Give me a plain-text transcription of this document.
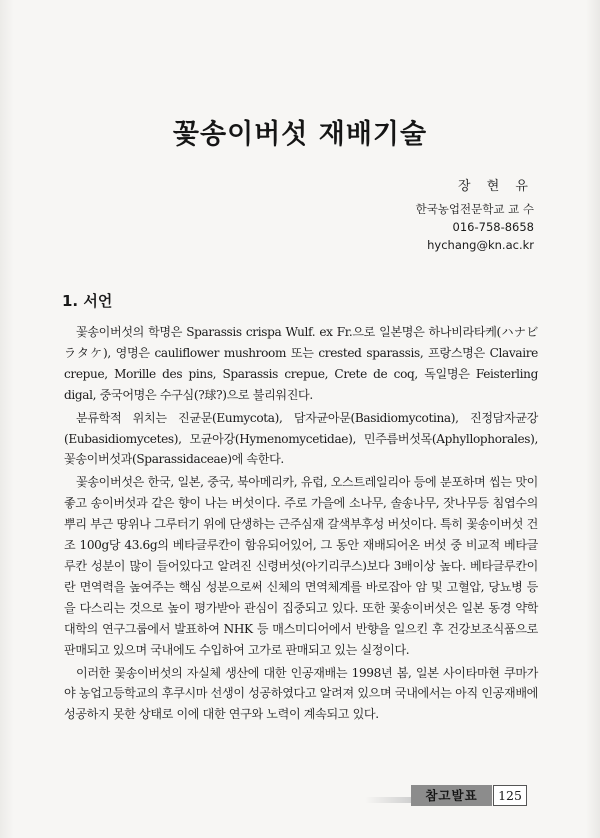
꽃송이버섯 재배기술
장 현 유
한국농업전문학교 교 수
016-758-8658
hychang@kn.ac.kr
1. 서언

꽃송이버섯의 학명은 Sparassis crispa Wulf. ex Fr.으로 일본명은 하나비라타케(ハナビラタケ), 영명은 cauliflower mushroom 또는 crested sparassis, 프랑스명은 Clavaire crepue, Morille des pins, Sparassis crepue, Crete de coq, 독일명은 Feisterling digal, 중국어명은 수구심(?球?)으로 불리워진다.

분류학적 위치는 진균문(Eumycota), 담자균아문(Basidiomycotina), 진정담자균강(Eubasidiomycetes), 모균아강(Hymenomycetidae), 민주름버섯목(Aphyllophorales), 꽃송이버섯과(Sparassidaceae)에 속한다.

꽃송이버섯은 한국, 일본, 중국, 북아메리카, 유럽, 오스트레일리아 등에 분포하며 씹는 맛이 좋고 송이버섯과 같은 향이 나는 버섯이다. 주로 가을에 소나무, 솔송나무, 잣나무등 침엽수의 뿌리 부근 땅위나 그루터기 위에 단생하는 근주심재 갈색부후성 버섯이다. 특히 꽃송이버섯 건조 100g당 43.6g의 베타글루칸이 함유되어있어, 그 동안 재배되어온 버섯 중 비교적 베타글루칸 성분이 많이 들어있다고 알려진 신령버섯(아기리쿠스)보다 3배이상 높다. 베타글루칸이란 면역력을 높여주는 핵심 성분으로써 신체의 면역체계를 바로잡아 암 및 고혈압, 당뇨병 등을 다스리는 것으로 높이 평가받아 관심이 집중되고 있다. 또한 꽃송이버섯은 일본 동경 약학대학의 연구그룹에서 발표하여 NHK 등 매스미디어에서 반향을 일으킨 후 건강보조식품으로 판매되고 있으며 국내에도 수입하여 고가로 판매되고 있는 실정이다.

이러한 꽃송이버섯의 자실체 생산에 대한 인공재배는 1998년 봄, 일본 사이타마현 쿠마가야 농업고등학교의 후쿠시마 선생이 성공하였다고 알려져 있으며 국내에서는 아직 인공재배에 성공하지 못한 상태로 이에 대한 연구와 노력이 계속되고 있다.

참고발표	125
